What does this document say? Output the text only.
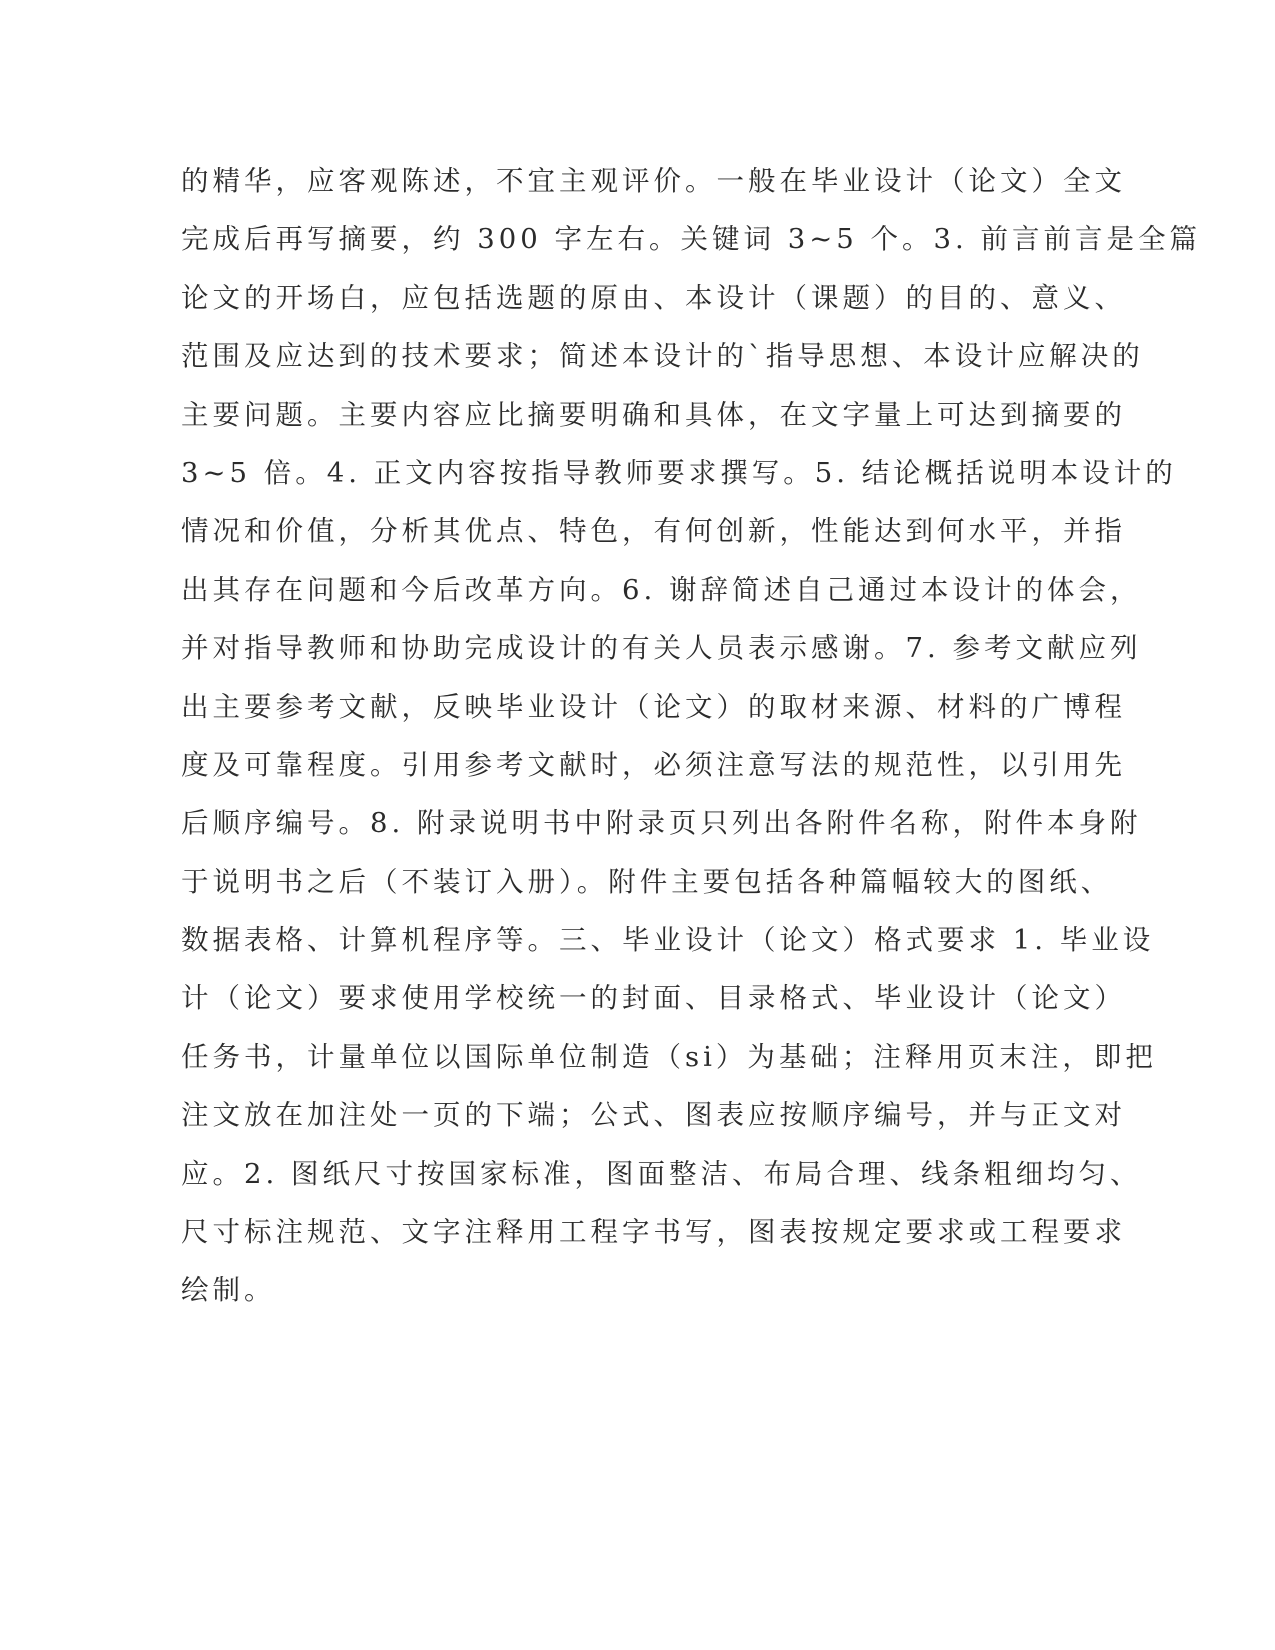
的精华，应客观陈述，不宜主观评价。一般在毕业设计（论文）全文
完成后再写摘要，约 300 字左右。关键词 3~5 个。3. 前言前言是全篇
论文的开场白，应包括选题的原由、本设计（课题）的目的、意义、
范围及应达到的技术要求；简述本设计的`指导思想、本设计应解决的
主要问题。主要内容应比摘要明确和具体，在文字量上可达到摘要的
3~5 倍。4. 正文内容按指导教师要求撰写。5. 结论概括说明本设计的
情况和价值，分析其优点、特色，有何创新，性能达到何水平，并指
出其存在问题和今后改革方向。6. 谢辞简述自己通过本设计的体会，
并对指导教师和协助完成设计的有关人员表示感谢。7. 参考文献应列
出主要参考文献，反映毕业设计（论文）的取材来源、材料的广博程
度及可靠程度。引用参考文献时，必须注意写法的规范性，以引用先
后顺序编号。8. 附录说明书中附录页只列出各附件名称，附件本身附
于说明书之后（不装订入册）。附件主要包括各种篇幅较大的图纸、
数据表格、计算机程序等。三、毕业设计（论文）格式要求 1. 毕业设
计（论文）要求使用学校统一的封面、目录格式、毕业设计（论文）
任务书，计量单位以国际单位制造（si）为基础；注释用页末注，即把
注文放在加注处一页的下端；公式、图表应按顺序编号，并与正文对
应。2. 图纸尺寸按国家标准，图面整洁、布局合理、线条粗细均匀、
尺寸标注规范、文字注释用工程字书写，图表按规定要求或工程要求
绘制。
